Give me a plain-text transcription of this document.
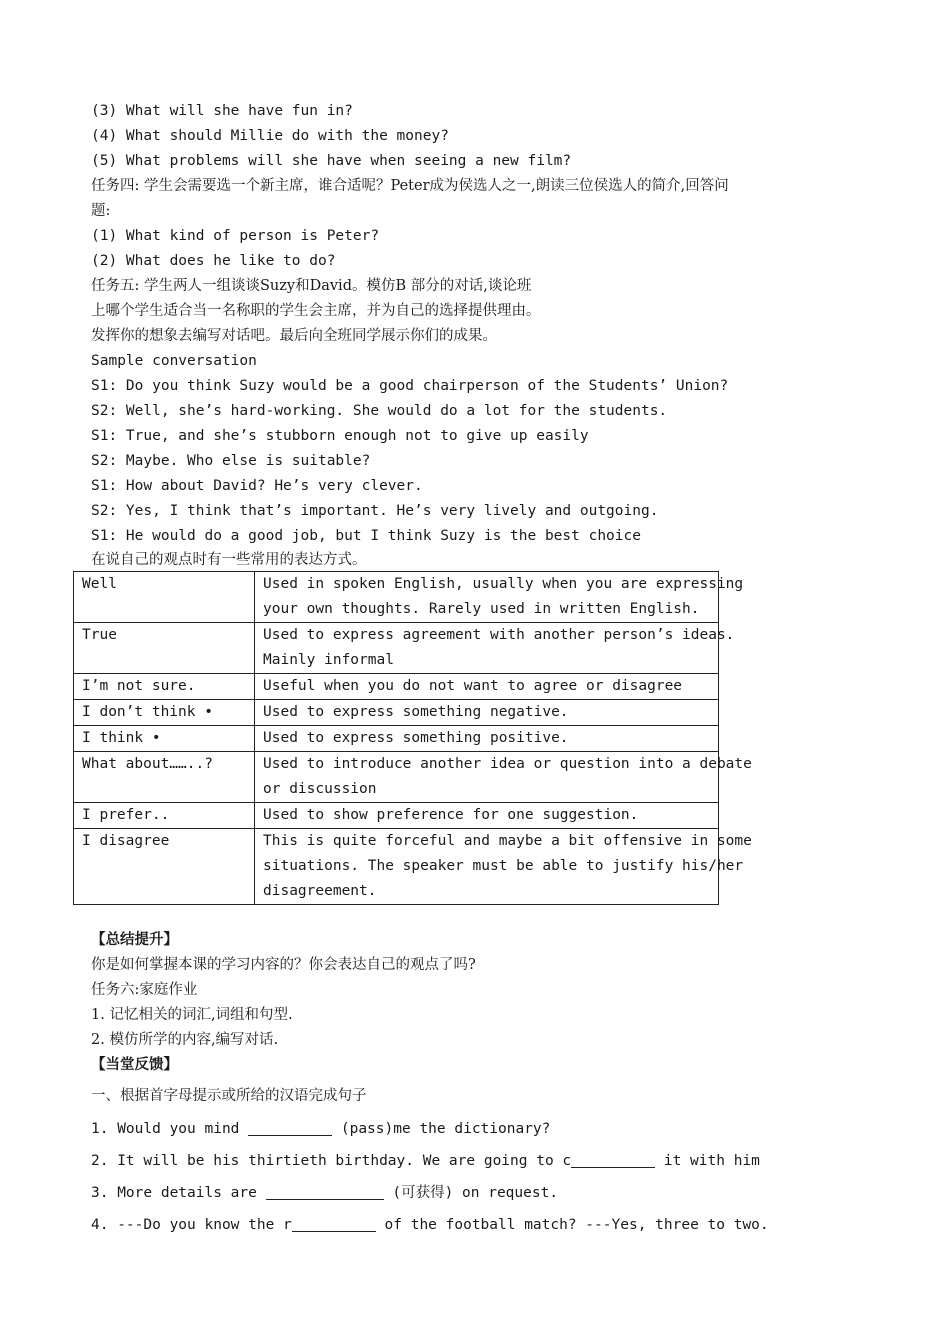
(3) What will she have fun in?
(4) What should Millie do with the money?
(5) What problems will she have when seeing a new film?
任务四: 学生会需要选一个新主席，谁合适呢？Peter成为侯选人之一,朗读三位侯选人的简介,回答问
题:
(1) What kind of person is Peter?
(2) What does he like to do?
任务五: 学生两人一组谈谈Suzy和David。模仿B 部分的对话,谈论班
上哪个学生适合当一名称职的学生会主席，并为自己的选择提供理由。
发挥你的想象去编写对话吧。最后向全班同学展示你们的成果。
Sample conversation
S1: Do you think Suzy would be a good chairperson of the Students’ Union?
S2: Well, she’s hard-working. She would do a lot for the students.
S1: True, and she’s stubborn enough not to give up easily
S2: Maybe. Who else is suitable?
S1: How about David? He’s very clever.
S2: Yes, I think that’s important. He’s very lively and outgoing.
S1: He would do a good job, but I think Suzy is the best choice
在说自己的观点时有一些常用的表达方式。
Well	Used in spoken English, usually when you are expressing your own thoughts. Rarely used in written English.

True	Used to express agreement with another person’s ideas. Mainly informal

I’m not sure.	Useful when you do not want to agree or disagree

I don’t think •	Used to express something negative.

I think •	Used to express something positive.

What about……..?	Used to introduce another idea or question into a debate or discussion

I prefer..	Used to show preference for one suggestion.

I disagree	This is quite forceful and maybe a bit offensive in some situations. The speaker must be able to justify his/her disagreement.
【总结提升】
你是如何掌握本课的学习内容的？你会表达自己的观点了吗?
任务六:家庭作业
1. 记忆相关的词汇,词组和句型.
2. 模仿所学的内容,编写对话.
【当堂反馈】
一、根据首字母提示或所给的汉语完成句子
1. Would you mind	(pass)me the dictionary?
2. It will be his thirtieth birthday. We are going to c	it with him
3. More details are	(可获得) on request.
4. ---Do you know the r	of the football match? ---Yes, three to two.
